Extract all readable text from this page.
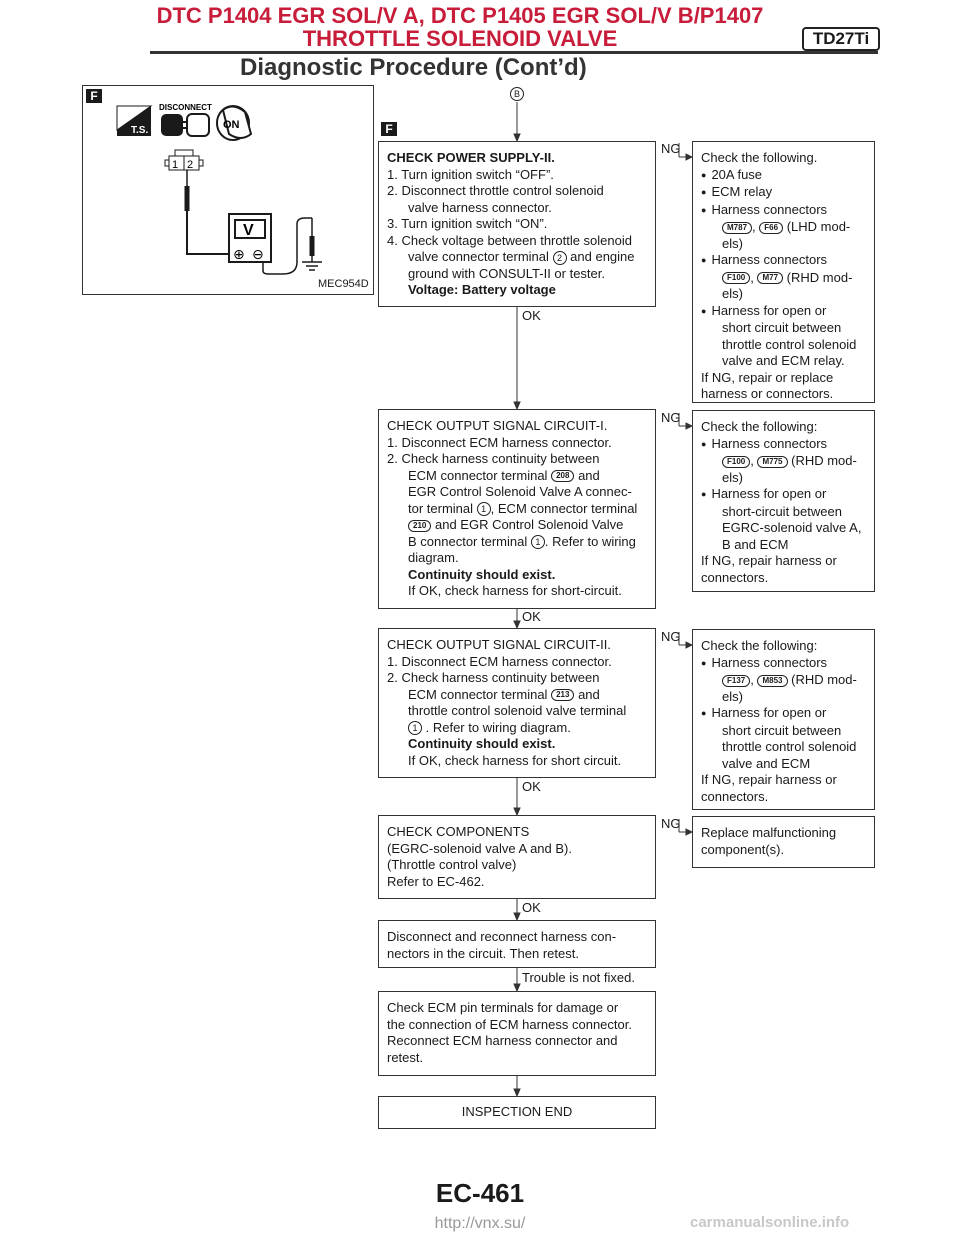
DTC P1404 EGR SOL/V A, DTC P1405 EGR SOL/V B/P1407
THROTTLE SOLENOID VALVE	TD27Ti
Diagnostic Procedure (Cont’d)
F
T.S.
DISCONNECT
ON
1 2
V
⊕ ⊖
MEC954D
B
F
CHECK POWER SUPPLY-II.
1. Turn ignition switch “OFF”.
2. Disconnect throttle control solenoid
valve harness connector.
3. Turn ignition switch “ON”.
4. Check voltage between throttle solenoid
valve connector terminal 2 and engine
ground with CONSULT-II or tester.
Voltage: Battery voltage
OK
NG
Check the following.
● 20A fuse
● ECM relay
● Harness connectors
M787 , F66 (LHD mod-
els)
● Harness connectors
F100 , M77 (RHD mod-
els)
● Harness for open or
short circuit between
throttle control solenoid
valve and ECM relay.
If NG, repair or replace
harness or connectors.
CHECK OUTPUT SIGNAL CIRCUIT-I.
1. Disconnect ECM harness connector.
2. Check harness continuity between
ECM connector terminal 208 and
EGR Control Solenoid Valve A connec-
tor terminal 1 , ECM connector terminal
210 and EGR Control Solenoid Valve
B connector terminal 1 . Refer to wiring
diagram.
Continuity should exist.
If OK, check harness for short-circuit.
OK
NG
Check the following:
● Harness connectors
F100 , M775 (RHD mod-
els)
● Harness for open or
short-circuit between
EGRC-solenoid valve A,
B and ECM
If NG, repair harness or
connectors.
CHECK OUTPUT SIGNAL CIRCUIT-II.
1. Disconnect ECM harness connector.
2. Check harness continuity between
ECM connector terminal 213 and
throttle control solenoid valve terminal
1 . Refer to wiring diagram.
Continuity should exist.
If OK, check harness for short circuit.
OK
NG
Check the following:
● Harness connectors
F137 , M853 (RHD mod-
els)
● Harness for open or
short circuit between
throttle control solenoid
valve and ECM
If NG, repair harness or
connectors.
CHECK COMPONENTS
(EGRC-solenoid valve A and B).
(Throttle control valve)
Refer to EC-462.
OK
NG
Replace malfunctioning
component(s).
Disconnect and reconnect harness con-
nectors in the circuit. Then retest.
Trouble is not fixed.
Check ECM pin terminals for damage or
the connection of ECM harness connector.
Reconnect ECM harness connector and
retest.
INSPECTION END
EC-461
http://vnx.su/	carmanualsonline.info
